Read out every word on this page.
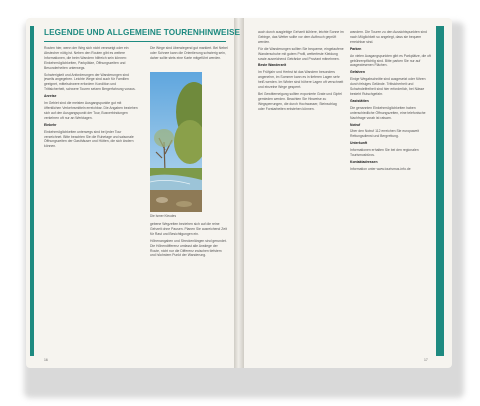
LEGENDE UND ALLGEMEINE TOURENHINWEISE

Routen hier, wenn der Weg sich nicht verzweigt oder ein Abstecher nötig ist. Neben den Routen gibt es weitere Informationen, die beim Wandern hilfreich sein können: Einkehrmöglichkeiten, Parkplätze, Öffnungszeiten und Besonderheiten unterwegs.

Schwierigkeit und Anforderungen der Wanderungen sind jeweils angegeben. Leichte Wege sind auch für Familien geeignet, mittelschwere erfordern Kondition und Trittsicherheit, schwere Touren setzen Bergerfahrung voraus.

Anreise

Im Gebiet sind die meisten Ausgangspunkte gut mit öffentlichen Verkehrsmitteln erreichbar. Die Angaben beziehen sich auf den Ausgangspunkt der Tour, Busverbindungen verkehren oft nur an Werktagen.

Einkehr

Einkehrmöglichkeiten unterwegs sind bei jeder Tour verzeichnet. Bitte beachten Sie die Ruhetage und saisonale Öffnungszeiten der Gasthäuser und Hütten, die sich ändern können.

Die Wege sind überwiegend gut markiert. Bei Nebel oder Schnee kann die Orientierung schwierig sein, daher sollte stets eine Karte mitgeführt werden.

Die Ismer Kleudes

gebene Wegzeiten beziehen sich auf die reine Gehzeit ohne Pausen. Planen Sie ausreichend Zeit für Rast und Besichtigungen ein.

Höhenangaben und Streckenlängen sind gerundet. Die Höhendifferenz umfasst alle Anstiege der Route, nicht nur die Differenz zwischen tiefstem und höchstem Punkt der Wanderung.

auch durch ausgiebige Gehzeit kühlere, leichte Sonne im Gebirge, das Wetter sollte vor dem Aufbruch geprüft werden.

Für die Wanderungen sollten Sie bequeme, eingelaufene Wanderschuhe mit gutem Profil, wetterfeste Kleidung sowie ausreichend Getränke und Proviant mitnehmen.

Beste Wanderzeit

Im Frühjahr und Herbst ist das Wandern besonders angenehm, im Sommer kann es in tieferen Lagen sehr heiß werden. Im Winter sind höhere Lagen oft verschneit und einzelne Wege gesperrt.

Bei Gewitterneigung sollten exponierte Grate und Gipfel gemieden werden. Beachten Sie Hinweise zu Wegsperrungen, die durch Hochwasser, Steinschlag oder Forstarbeiten entstehen können.

wandern. Die Touren zu den Aussichtspunkten sind nach Möglichkeit so angelegt, dass sie bequem erreichbar sind.

Parken

An vielen Ausgangspunkten gibt es Parkplätze, die oft gebührenpflichtig sind. Bitte parken Sie nur auf ausgewiesenen Flächen.

Gefahren

Einige Wegabschnitte sind ausgesetzt oder führen durch felsiges Gelände. Trittsicherheit und Schwindelfreiheit sind hier erforderlich, bei Nässe besteht Rutschgefahr.

Gaststätten

Die genannten Einkehrmöglichkeiten haben unterschiedliche Öffnungszeiten, eine telefonische Nachfrage vorab ist ratsam.

Notruf

Über den Notruf 112 erreichen Sie europaweit Rettungsdienst und Bergrettung.

Unterkunft

Informationen erhalten Sie bei den regionalen Tourismusbüros.

Kontaktadressen

Information unter www.tourismus-info.de

16	17
